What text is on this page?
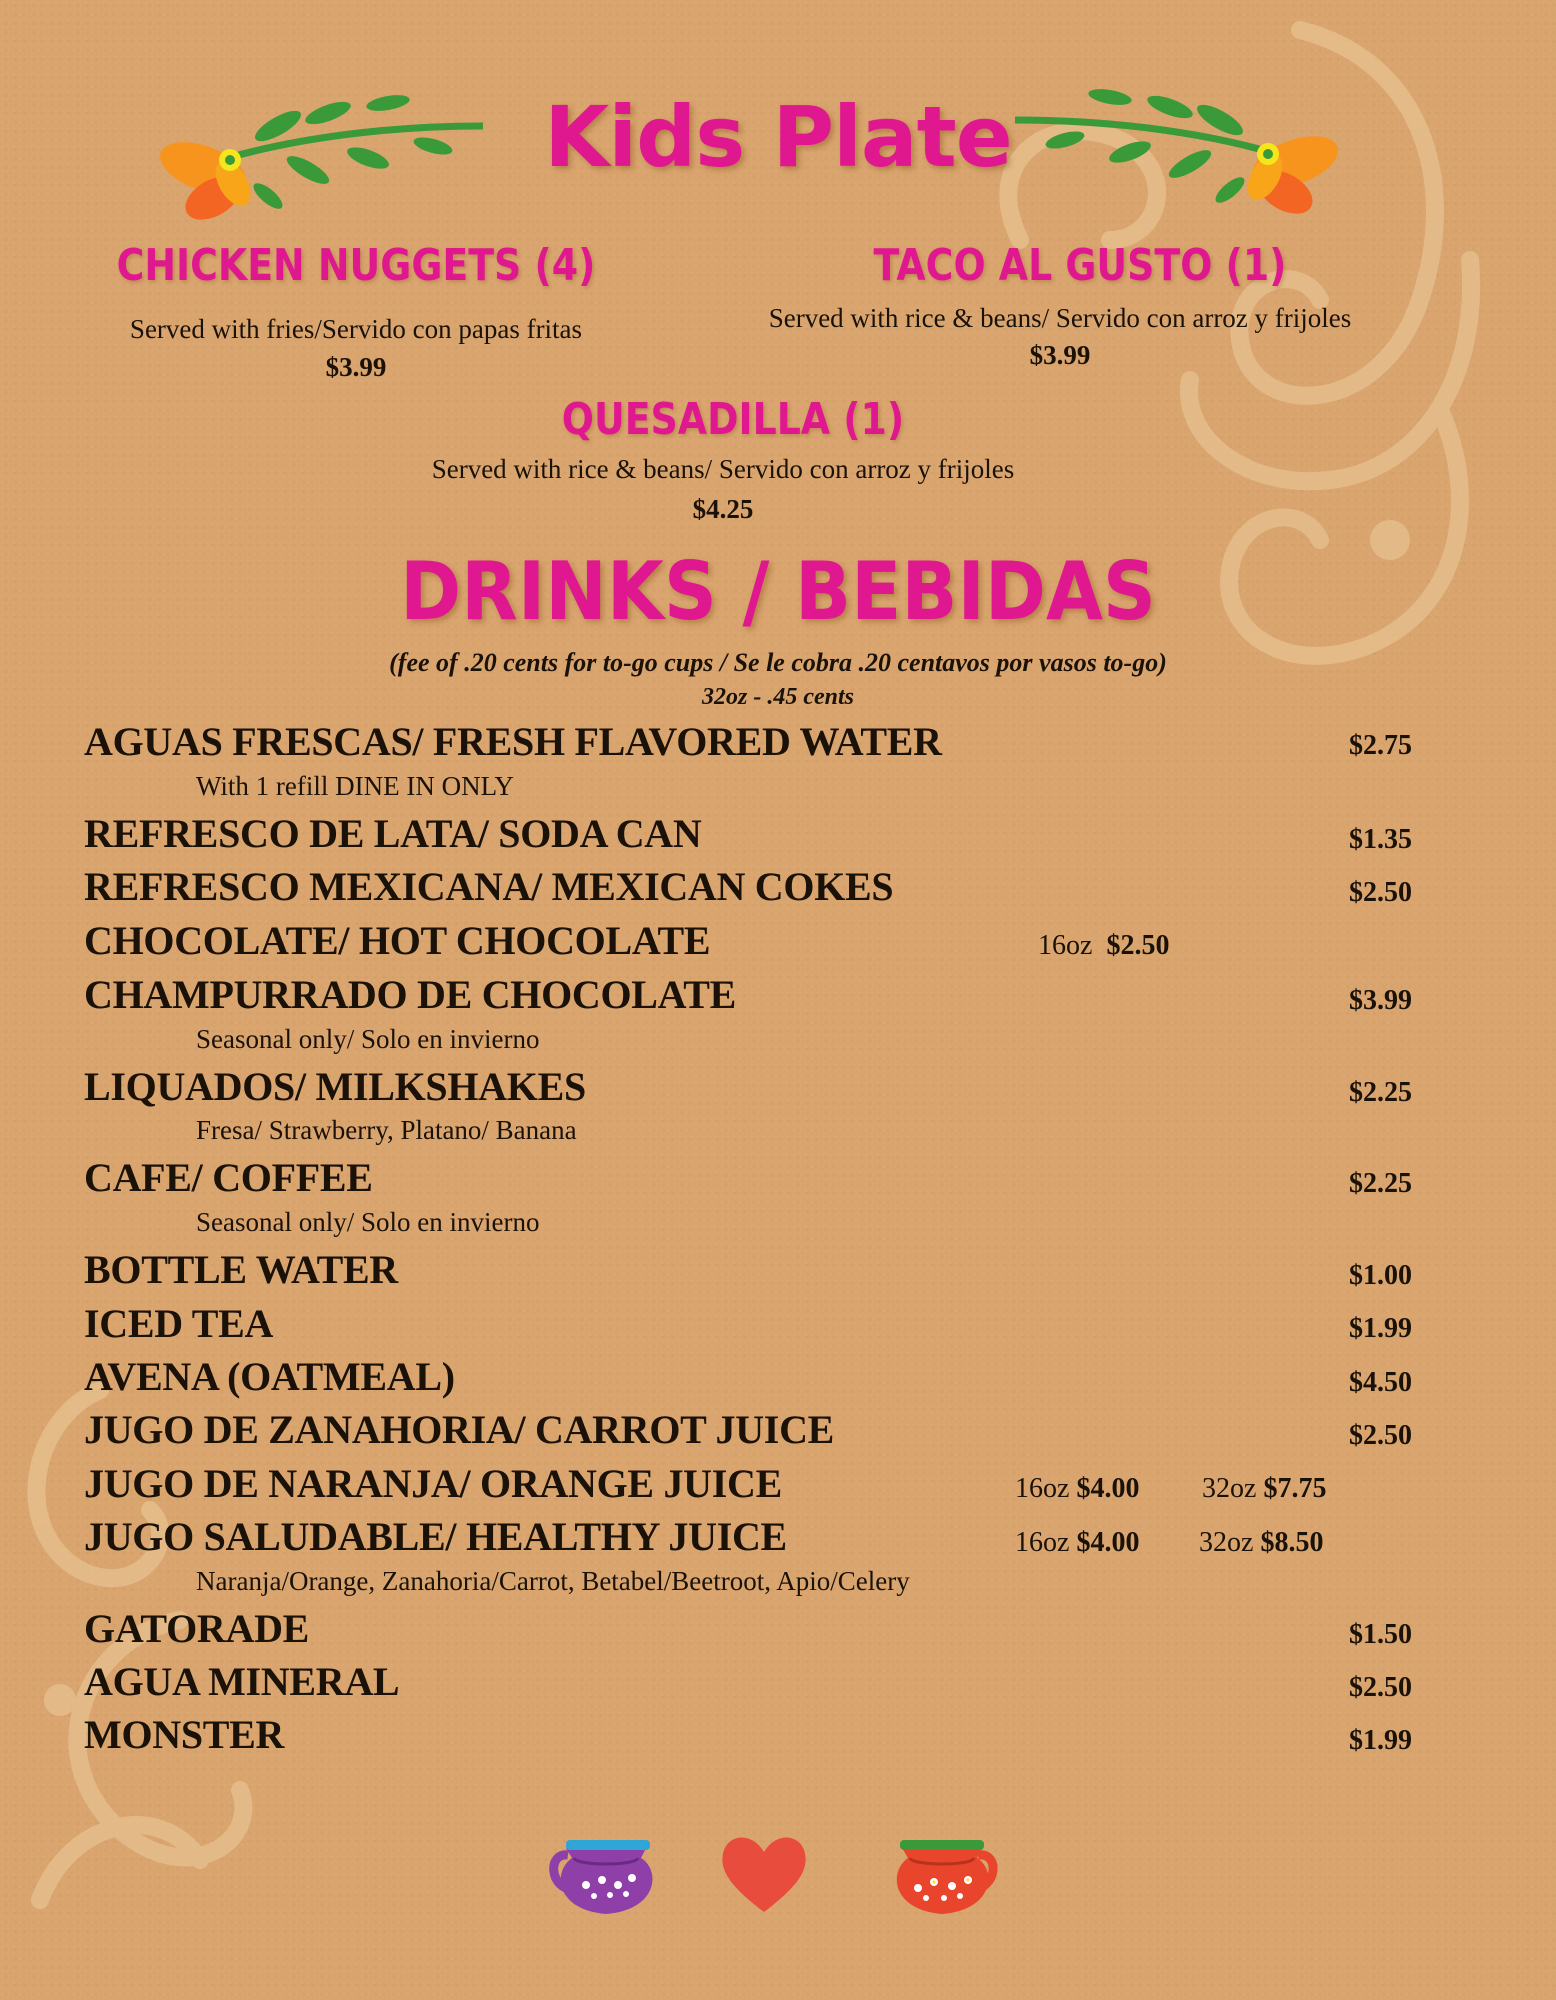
Kids Plate
CHICKEN NUGGETS (4)
Served with fries/Servido con papas fritas
$3.99
TACO AL GUSTO (1)
Served with rice & beans/ Servido con arroz y frijoles
$3.99
QUESADILLA (1)
Served with rice & beans/ Servido con arroz y frijoles
$4.25
DRINKS / BEBIDAS
(fee of .20 cents for to-go cups / Se le cobra .20 centavos por vasos to-go)
32oz - .45 cents
AGUAS FRESCAS/ FRESH FLAVORED WATER	$2.75
With 1 refill DINE IN ONLY
REFRESCO DE LATA/ SODA CAN	$1.35
REFRESCO MEXICANA/ MEXICAN COKES	$2.50
CHOCOLATE/ HOT CHOCOLATE	16oz $2.50
CHAMPURRADO DE CHOCOLATE	$3.99
Seasonal only/ Solo en invierno
LIQUADOS/ MILKSHAKES	$2.25
Fresa/ Strawberry, Platano/ Banana
CAFE/ COFFEE	$2.25
Seasonal only/ Solo en invierno
BOTTLE WATER	$1.00
ICED TEA	$1.99
AVENA (OATMEAL)	$4.50
JUGO DE ZANAHORIA/ CARROT JUICE	$2.50
JUGO DE NARANJA/ ORANGE JUICE	16oz $4.00 32oz $7.75
JUGO SALUDABLE/ HEALTHY JUICE	16oz $4.00 32oz $8.50
Naranja/Orange, Zanahoria/Carrot, Betabel/Beetroot, Apio/Celery
GATORADE	$1.50
AGUA MINERAL	$2.50
MONSTER	$1.99
